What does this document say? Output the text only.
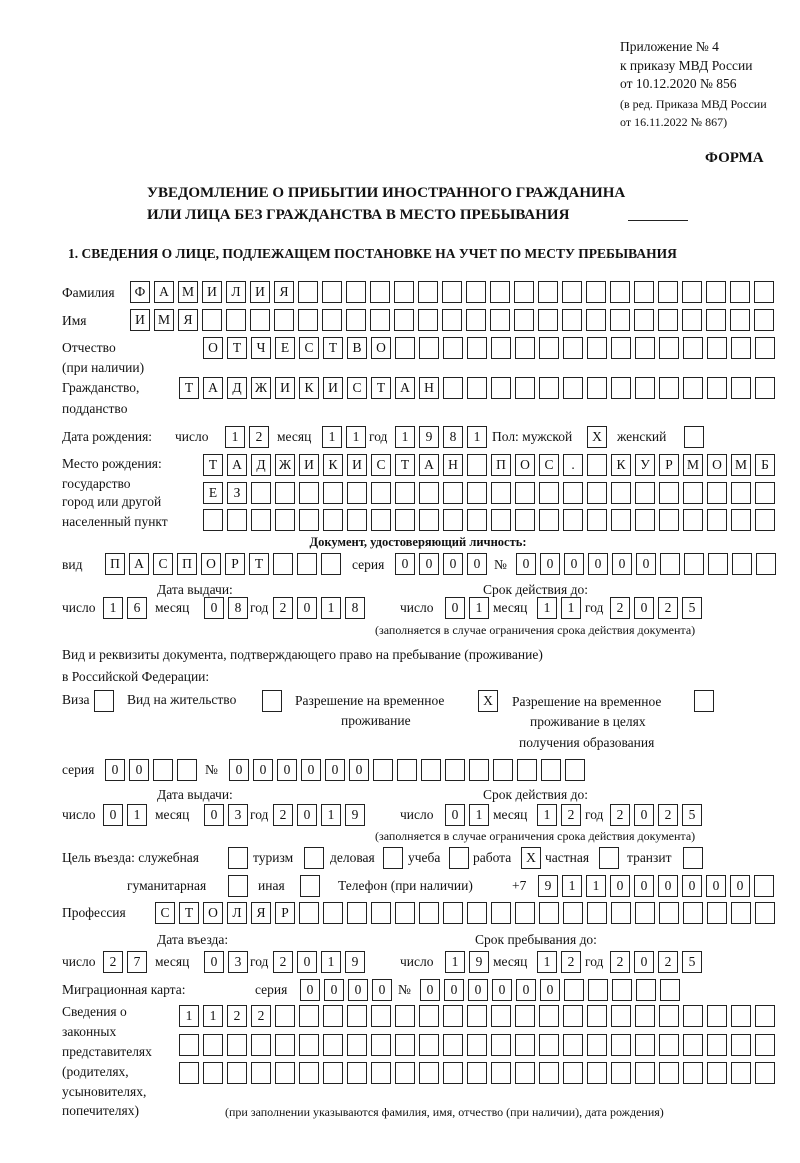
Приложение № 4
к приказу МВД России
от 10.12.2020 № 856
(в ред. Приказа МВД России
от 16.11.2022 № 867)
ФОРМА
УВЕДОМЛЕНИЕ О ПРИБЫТИИ ИНОСТРАННОГО ГРАЖДАНИНА
ИЛИ ЛИЦА БЕЗ ГРАЖДАНСТВА В МЕСТО ПРЕБЫВАНИЯ
1. СВЕДЕНИЯ О ЛИЦЕ, ПОДЛЕЖАЩЕМ ПОСТАНОВКЕ НА УЧЕТ ПО МЕСТУ ПРЕБЫВАНИЯ
Фамилия	Ф	А М И	Л	И	Я
Имя	И М Я
Отчество
(при наличии)
О	Т	Ч	Е	С	Т	В	О
Гражданство,
подданство
Т	А	Д Ж И	К	И	С	Т	А	Н
Дата рождения: число	1	2	месяц	1	1 год	1	9	8	1 Пол: мужской	X	женский
Место рождения:
государство
город или другой
населенный пункт
Т	А	Д Ж И	К	И	С	Т	А	Н	П	О	С	.	К	У	Р	М О М	Б
Е	З
Документ, удостоверяющий личность:
вид	П	А	С	П	О	Р	Т	серия	0	0	0	0	№	0	0	0	0	0	0
Дата выдачи:	Срок действия до:
число	1	6	месяц	0	8 год 2	0	1	8	число	0	1 месяц	1	1 год 2	0	2	5
(заполняется в случае ограничения срока действия документа)
Вид и реквизиты документа, подтверждающего право на пребывание (проживание)
в Российской Федерации:
Виза	Вид на жительство	Разрешение на временное
проживание
X	Разрешение на временное
проживание в целях
получения образования
серия	0	0	№	0	0	0	0	0	0
Дата выдачи:	Срок действия до:
число	0	1	месяц	0	3 год 2	0	1	9	число	0	1 месяц	1	2 год 2	0	2	5
(заполняется в случае ограничения срока действия документа)
Цель въезда: служебная	туризм	деловая учеба работа	X частная	транзит
гуманитарная	иная	Телефон (при наличии)	+7	9	1	1	0	0	0	0	0	0
Профессия	С	Т	О	Л	Я	Р
Дата въезда:	Срок пребывания до:
число	2	7	месяц	0	3 год 2	0	1	9	число	1	9 месяц	1	2 год 2	0	2	5
Миграционная карта:	серия	0	0	0	0 №	0	0	0	0	0	0
Сведения о
законных
представителях
(родителях,
усыновителях,
попечителях)
1	1	2	2
(при заполнении указываются фамилия, имя, отчество (при наличии), дата рождения)
